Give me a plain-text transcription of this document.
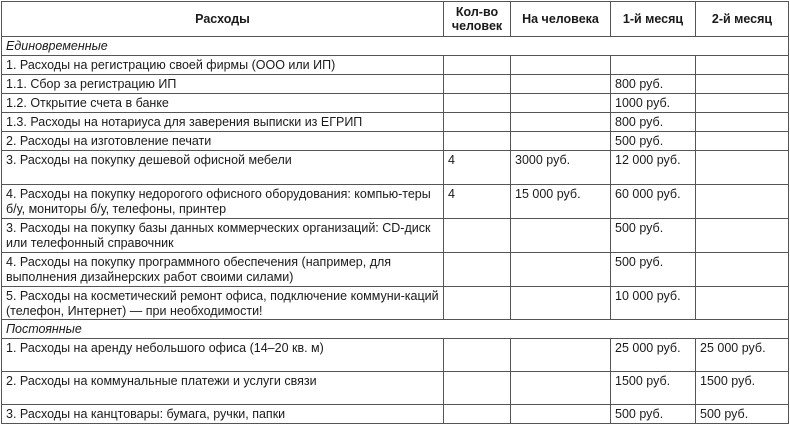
Расходы	Кол-во человек	На человека	1-й месяц	2-й месяц
Единовременные				
1. Расходы на регистрацию своей фирмы (ООО или ИП)				
1.1. Сбор за регистрацию ИП			800 руб.	
1.2. Открытие счета в банке			1000 руб.	
1.3. Расходы на нотариуса для заверения выписки из ЕГРИП			800 руб.	
2. Расходы на изготовление печати			500 руб.	
3. Расходы на покупку дешевой офисной мебели	4	3000 руб.	12 000 руб.	
4. Расходы на покупку недорогого офисного оборудования: компью-теры б/у, мониторы б/у, телефоны, принтер	4	15 000 руб.	60 000 руб.	
3. Расходы на покупку базы данных коммерческих организаций: CD-диск или телефонный справочник			500 руб.	
4. Расходы на покупку программного обеспечения (например, для выполнения дизайнерских работ своими силами)			500 руб.	
5. Расходы на косметический ремонт офиса, подключение коммуни-каций (телефон, Интернет) — при необходимости!			10 000 руб.	
Постоянные				
1. Расходы на аренду небольшого офиса (14–20 кв. м)			25 000 руб.	25 000 руб.
2. Расходы на коммунальные платежи и услуги связи			1500 руб.	1500 руб.
3. Расходы на канцтовары: бумага, ручки, папки			500 руб.	500 руб.
